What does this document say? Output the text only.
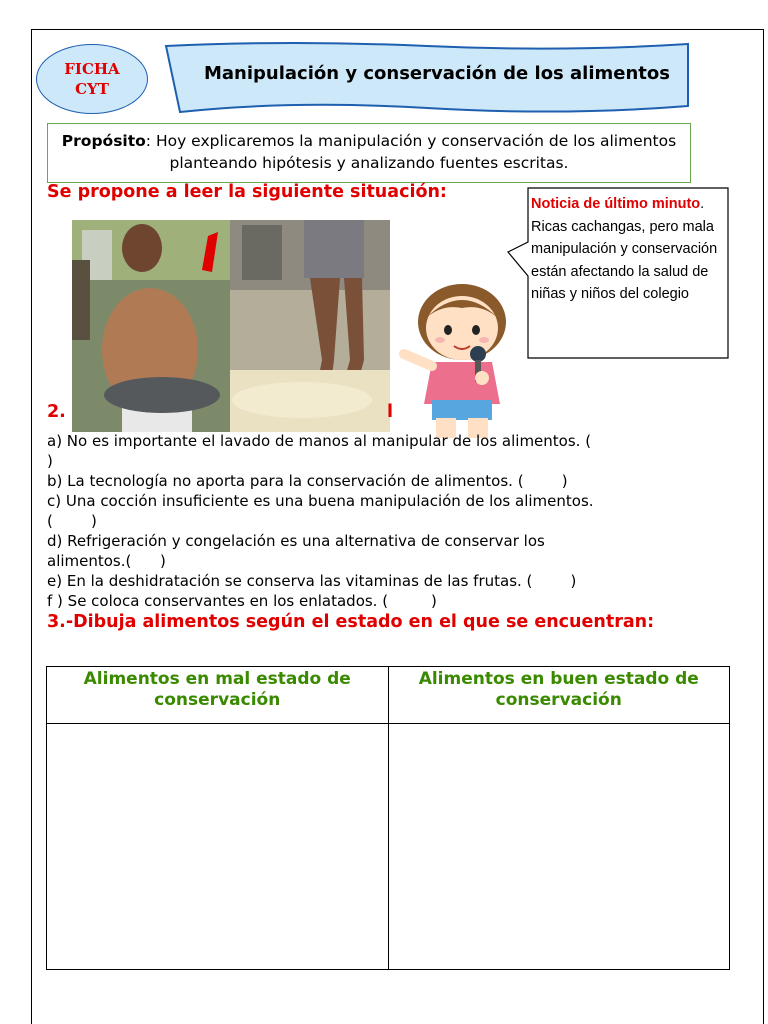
FICHA
CYT
Manipulación y conservación de los alimentos
Propósito: Hoy explicaremos la manipulación y conservación de los alimentos planteando hipótesis y analizando fuentes escritas.
Se propone a leer la siguiente situación:
Noticia de último minuto. Ricas cachangas, pero mala manipulación y conservación están afectando la salud de niñas y niños del colegio
2.	l
a) No es importante el lavado de manos al manipular de los alimentos. (
)
b) La tecnología no aporta para la conservación de alimentos. (        )
c) Una cocción insuficiente es una buena manipulación de los alimentos.
(        )
d) Refrigeración y congelación es una alternativa de conservar los
alimentos.(      )
e) En la deshidratación se conserva las vitaminas de las frutas. (        )
f ) Se coloca conservantes en los enlatados. (         )
3.-Dibuja alimentos según el estado en el que se encuentran:
Alimentos en mal estado de conservación	Alimentos en buen estado de conservación
